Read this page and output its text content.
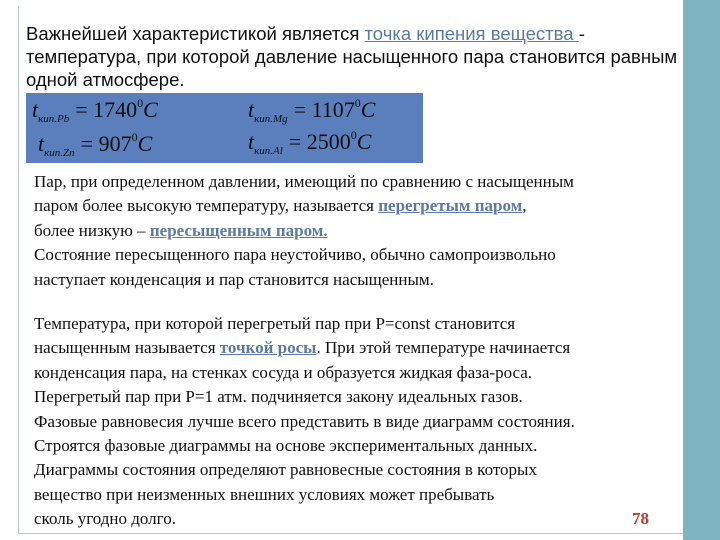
Важнейшей характеристикой является точка кипения вещества -
температура, при которой давление насыщенного пара становится равным
одной атмосфере.
$t_{кип.Pb} = 1740^0C$	$t_{кип.Mg} = 1107^0C$
$t_{кип.Zn} = 907^0C$	$t_{кип.Al} = 2500^0C$
Пар, при определенном давлении, имеющий по сравнению с насыщенным
паром более высокую температуру, называется перегретым паром,
более низкую – пересыщенным паром.
Состояние пересыщенного пара неустойчиво, обычно самопроизвольно
наступает конденсация и пар становится насыщенным.
Температура, при которой перегретый пар при P=const становится
насыщенным называется точкой росы. При этой температуре начинается
конденсация пара, на стенках сосуда и образуется жидкая фаза-роса.
Перегретый пар при P=1 атм. подчиняется закону идеальных газов.
Фазовые равновесия лучше всего представить в виде диаграмм состояния.
Строятся фазовые диаграммы на основе экспериментальных данных.
Диаграммы состояния определяют равновесные состояния в которых
вещество при неизменных внешних условиях может пребывать
сколь угодно долго.	78
